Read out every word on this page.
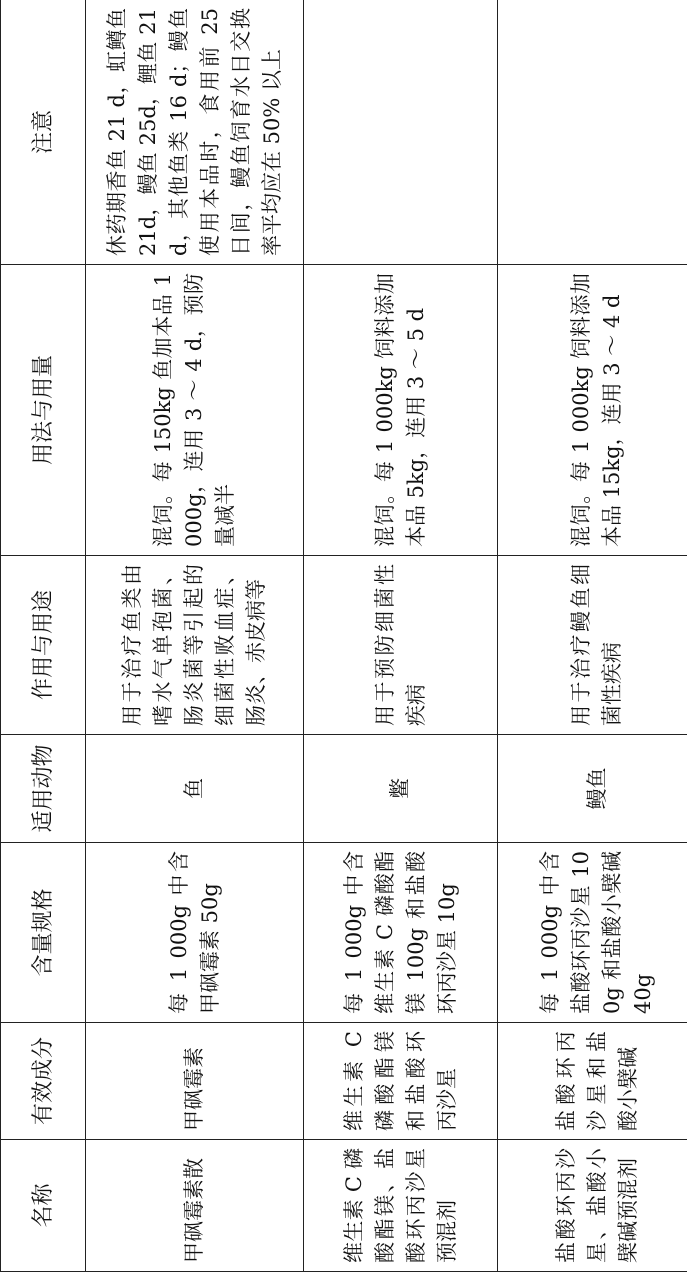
名称	有效成分	含量规格	适用动物	作用与用途	用法与用量	注意
甲砜霉素散	甲砜霉素	每 1 000g 中含甲砜霉素 50g	鱼	用于治疗鱼类由嗜水气单孢菌、肠炎菌等引起的细菌性败血症、肠炎、赤皮病等	混饲。每 150kg 鱼加本品 1 000g，连用 3 ～ 4 d，预防量减半	休药期香鱼 21 d，虹鳟鱼 21d，鳗鱼 25d，鲤鱼 21d，其他鱼类 16 d；鳗鱼使用本品时，食用前 25 日间，鳗鱼饲育水日交换率平均应在 50% 以上
维生素 C 磷酸酯镁、盐酸环丙沙星预混剂	维生素 C 磷酸酯镁和盐酸环丙沙星	每 1 000g 中含维生素 C 磷酸酯镁 100g 和盐酸环丙沙星 10g	鳖	用于预防细菌性疾病	混饲。每 1 000kg 饲料添加本品 5kg，连用 3 ～ 5 d	
盐酸环丙沙星、盐酸小檗碱预混剂	盐酸环丙沙星和盐酸小檗碱	每 1 000g 中含盐酸环丙沙星 100g 和盐酸小檗碱 40g	鳗鱼	用于治疗鳗鱼细菌性疾病	混饲。每 1 000kg 饲料添加本品 15kg，连用 3 ～ 4 d	
